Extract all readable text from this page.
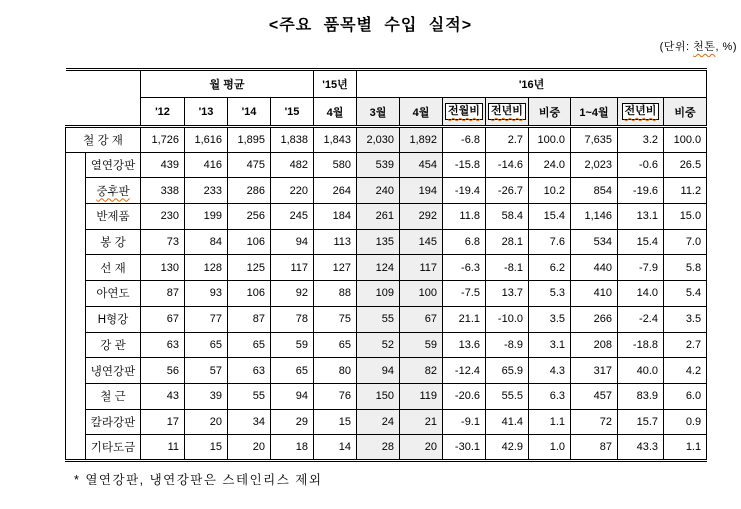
<주요 품목별 수입 실적>
(단위: 천톤, %)
		월 평균				'15년	'16년							
		'12	'13	'14	'15	4월	3월	4월	전월비	전년비	비중	1~4월	전년비	비중
철 강 재		1,726	1,616	1,895	1,838	1,843	2,030	1,892	-6.8	2.7	100.0	7,635	3.2	100.0
	열연강판	439	416	475	482	580	539	454	-15.8	-14.6	24.0	2,023	-0.6	26.5
	중후판	338	233	286	220	264	240	194	-19.4	-26.7	10.2	854	-19.6	11.2
	반제품	230	199	256	245	184	261	292	11.8	58.4	15.4	1,146	13.1	15.0
	봉 강	73	84	106	94	113	135	145	6.8	28.1	7.6	534	15.4	7.0
	선 재	130	128	125	117	127	124	117	-6.3	-8.1	6.2	440	-7.9	5.8
	아연도	87	93	106	92	88	109	100	-7.5	13.7	5.3	410	14.0	5.4
	H형강	67	77	87	78	75	55	67	21.1	-10.0	3.5	266	-2.4	3.5
	강 관	63	65	65	59	65	52	59	13.6	-8.9	3.1	208	-18.8	2.7
	냉연강판	56	57	63	65	80	94	82	-12.4	65.9	4.3	317	40.0	4.2
	철 근	43	39	55	94	76	150	119	-20.6	55.5	6.3	457	83.9	6.0
	칼라강판	17	20	34	29	15	24	21	-9.1	41.4	1.1	72	15.7	0.9
	기타도금	11	15	20	18	14	28	20	-30.1	42.9	1.0	87	43.3	1.1
* 열연강판, 냉연강판은 스테인리스 제외
